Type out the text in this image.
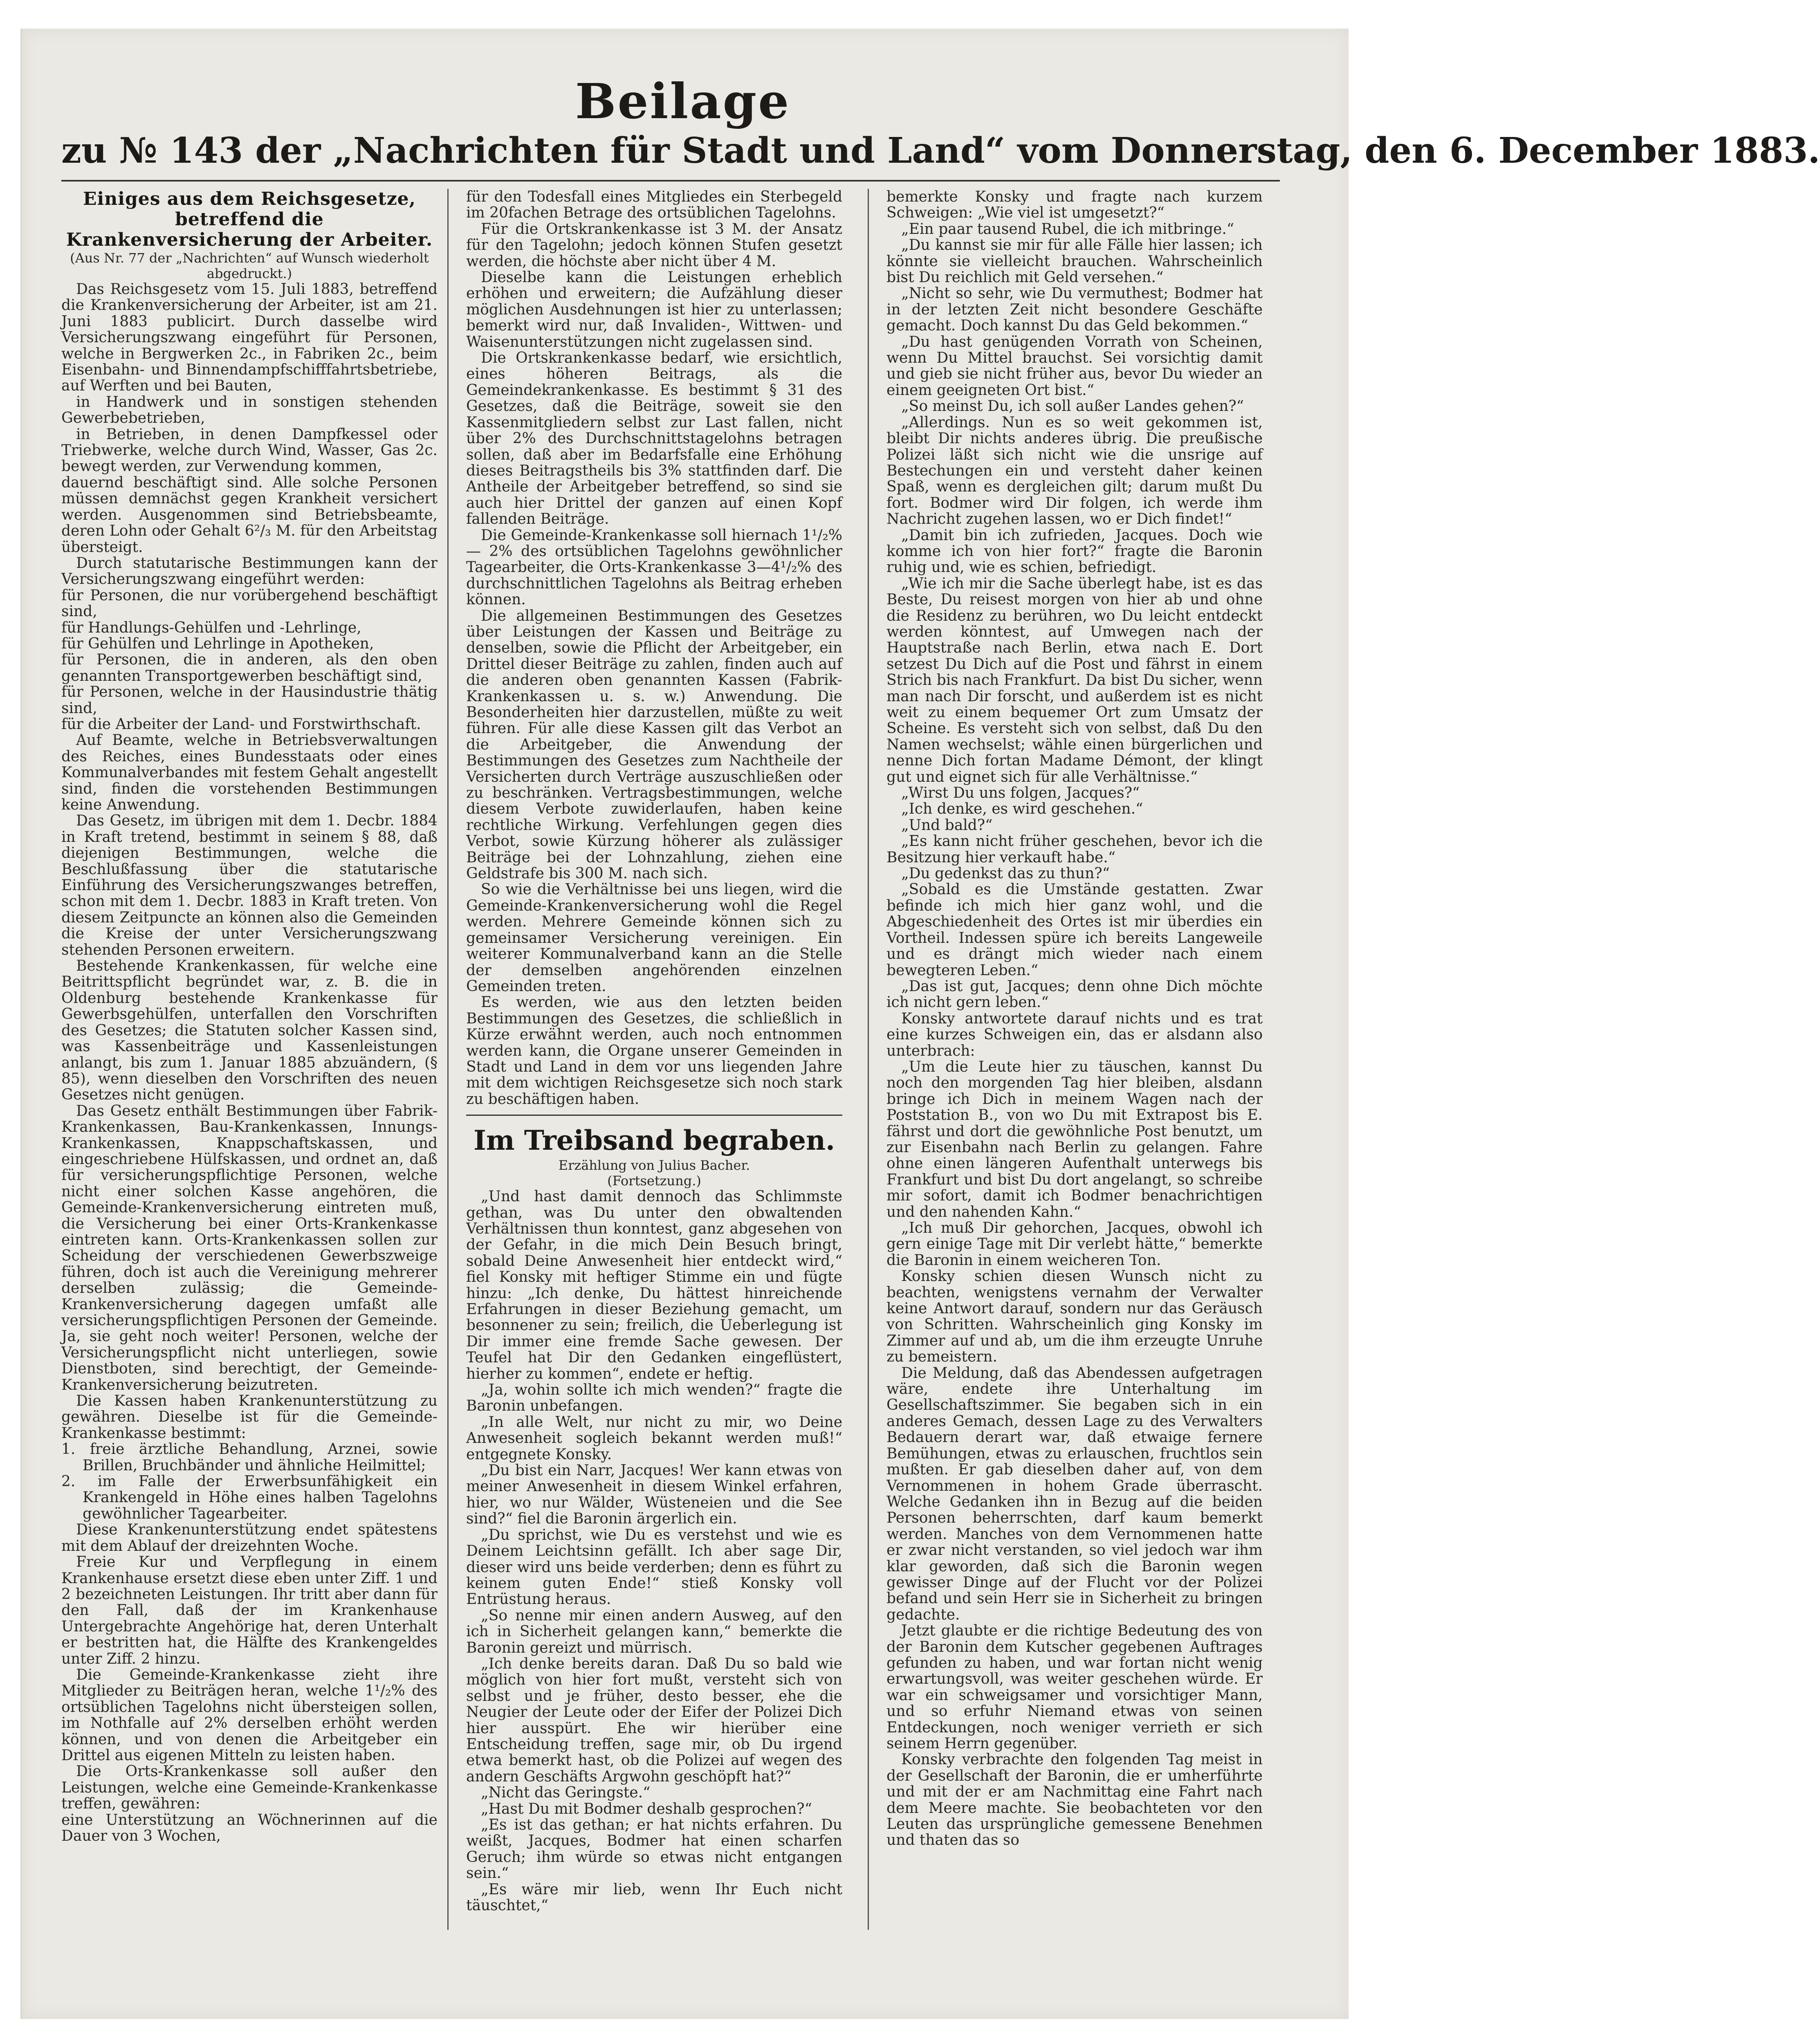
Beilage
zu № 143 der „Nachrichten für Stadt und Land“ vom Donnerstag, den 6. December 1883.

Einiges aus dem Reichsgesetze, betreffend die Krankenversicherung der Arbeiter.

(Aus Nr. 77 der „Nachrichten“ auf Wunsch wiederholt abgedruckt.)

Das Reichsgesetz vom 15. Juli 1883, betreffend die Krankenversicherung der Arbeiter, ist am 21. Juni 1883 publicirt. Durch dasselbe wird Versicherungszwang eingeführt für Personen, welche in Bergwerken 2c., in Fabriken 2c., beim Eisenbahn- und Binnendampfschifffahrtsbetriebe, auf Werften und bei Bauten,

in Handwerk und in sonstigen stehenden Gewerbebetrieben,

in Betrieben, in denen Dampfkessel oder Triebwerke, welche durch Wind, Wasser, Gas 2c. bewegt werden, zur Verwendung kommen,

dauernd beschäftigt sind. Alle solche Personen müssen demnächst gegen Krankheit versichert werden. Ausgenommen sind Betriebsbeamte, deren Lohn oder Gehalt 6²/₃ M. für den Arbeitstag übersteigt.

Durch statutarische Bestimmungen kann der Versicherungszwang eingeführt werden:

für Personen, die nur vorübergehend beschäftigt sind,

für Handlungs-Gehülfen und -Lehrlinge,

für Gehülfen und Lehrlinge in Apotheken,

für Personen, die in anderen, als den oben genannten Transportgewerben beschäftigt sind,

für Personen, welche in der Hausindustrie thätig sind,

für die Arbeiter der Land- und Forstwirthschaft.

Auf Beamte, welche in Betriebsverwaltungen des Reiches, eines Bundesstaats oder eines Kommunalverbandes mit festem Gehalt angestellt sind, finden die vorstehenden Bestimmungen keine Anwendung.

Das Gesetz, im übrigen mit dem 1. Decbr. 1884 in Kraft tretend, bestimmt in seinem § 88, daß diejenigen Bestimmungen, welche die Beschlußfassung über die statutarische Einführung des Versicherungszwanges betreffen, schon mit dem 1. Decbr. 1883 in Kraft treten. Von diesem Zeitpuncte an können also die Gemeinden die Kreise der unter Versicherungszwang stehenden Personen erweitern.

Bestehende Krankenkassen, für welche eine Beitrittspflicht begründet war, z. B. die in Oldenburg bestehende Krankenkasse für Gewerbsgehülfen, unterfallen den Vorschriften des Gesetzes; die Statuten solcher Kassen sind, was Kassenbeiträge und Kassenleistungen anlangt, bis zum 1. Januar 1885 abzuändern, (§ 85), wenn dieselben den Vorschriften des neuen Gesetzes nicht genügen.

Das Gesetz enthält Bestimmungen über Fabrik-Krankenkassen, Bau-Krankenkassen, Innungs-Krankenkassen, Knappschaftskassen, und eingeschriebene Hülfskassen, und ordnet an, daß für versicherungspflichtige Personen, welche nicht einer solchen Kasse angehören, die Gemeinde-Krankenversicherung eintreten muß, die Versicherung bei einer Orts-Krankenkasse eintreten kann. Orts-Krankenkassen sollen zur Scheidung der verschiedenen Gewerbszweige führen, doch ist auch die Vereinigung mehrerer derselben zulässig; die Gemeinde-Krankenversicherung dagegen umfaßt alle versicherungspflichtigen Personen der Gemeinde. Ja, sie geht noch weiter! Personen, welche der Versicherungspflicht nicht unterliegen, sowie Dienstboten, sind berechtigt, der Gemeinde-Krankenversicherung beizutreten.

Die Kassen haben Krankenunterstützung zu gewähren. Dieselbe ist für die Gemeinde-Krankenkasse bestimmt:

1. freie ärztliche Behandlung, Arznei, sowie Brillen, Bruchbänder und ähnliche Heilmittel;

2. im Falle der Erwerbsunfähigkeit ein Krankengeld in Höhe eines halben Tagelohns gewöhnlicher Tagearbeiter.

Diese Krankenunterstützung endet spätestens mit dem Ablauf der dreizehnten Woche.

Freie Kur und Verpflegung in einem Krankenhause ersetzt diese eben unter Ziff. 1 und 2 bezeichneten Leistungen. Ihr tritt aber dann für den Fall, daß der im Krankenhause Untergebrachte Angehörige hat, deren Unterhalt er bestritten hat, die Hälfte des Krankengeldes unter Ziff. 2 hinzu.

Die Gemeinde-Krankenkasse zieht ihre Mitglieder zu Beiträgen heran, welche 1¹/₂% des ortsüblichen Tagelohns nicht übersteigen sollen, im Nothfalle auf 2% derselben erhöht werden können, und von denen die Arbeitgeber ein Drittel aus eigenen Mitteln zu leisten haben.

Die Orts-Krankenkasse soll außer den Leistungen, welche eine Gemeinde-Krankenkasse treffen, gewähren:

eine Unterstützung an Wöchnerinnen auf die Dauer von 3 Wochen,

für den Todesfall eines Mitgliedes ein Sterbegeld im 20fachen Betrage des ortsüblichen Tagelohns.

Für die Ortskrankenkasse ist 3 M. der Ansatz für den Tagelohn; jedoch können Stufen gesetzt werden, die höchste aber nicht über 4 M.

Dieselbe kann die Leistungen erheblich erhöhen und erweitern; die Aufzählung dieser möglichen Ausdehnungen ist hier zu unterlassen; bemerkt wird nur, daß Invaliden-, Wittwen- und Waisenunterstützungen nicht zugelassen sind.

Die Ortskrankenkasse bedarf, wie ersichtlich, eines höheren Beitrags, als die Gemeindekrankenkasse. Es bestimmt § 31 des Gesetzes, daß die Beiträge, soweit sie den Kassenmitgliedern selbst zur Last fallen, nicht über 2% des Durchschnittstagelohns betragen sollen, daß aber im Bedarfsfalle eine Erhöhung dieses Beitragstheils bis 3% stattfinden darf. Die Antheile der Arbeitgeber betreffend, so sind sie auch hier Drittel der ganzen auf einen Kopf fallenden Beiträge.

Die Gemeinde-Krankenkasse soll hiernach 1¹/₂% — 2% des ortsüblichen Tagelohns gewöhnlicher Tagearbeiter, die Orts-Krankenkasse 3—4¹/₂% des durchschnittlichen Tagelohns als Beitrag erheben können.

Die allgemeinen Bestimmungen des Gesetzes über Leistungen der Kassen und Beiträge zu denselben, sowie die Pflicht der Arbeitgeber, ein Drittel dieser Beiträge zu zahlen, finden auch auf die anderen oben genannten Kassen (Fabrik-Krankenkassen u. s. w.) Anwendung. Die Besonderheiten hier darzustellen, müßte zu weit führen. Für alle diese Kassen gilt das Verbot an die Arbeitgeber, die Anwendung der Bestimmungen des Gesetzes zum Nachtheile der Versicherten durch Verträge auszuschließen oder zu beschränken. Vertragsbestimmungen, welche diesem Verbote zuwiderlaufen, haben keine rechtliche Wirkung. Verfehlungen gegen dies Verbot, sowie Kürzung höherer als zulässiger Beiträge bei der Lohnzahlung, ziehen eine Geldstrafe bis 300 M. nach sich.

So wie die Verhältnisse bei uns liegen, wird die Gemeinde-Krankenversicherung wohl die Regel werden. Mehrere Gemeinde können sich zu gemeinsamer Versicherung vereinigen. Ein weiterer Kommunalverband kann an die Stelle der demselben angehörenden einzelnen Gemeinden treten.

Es werden, wie aus den letzten beiden Bestimmungen des Gesetzes, die schließlich in Kürze erwähnt werden, auch noch entnommen werden kann, die Organe unserer Gemeinden in Stadt und Land in dem vor uns liegenden Jahre mit dem wichtigen Reichsgesetze sich noch stark zu beschäftigen haben.

Im Treibsand begraben.

Erzählung von Julius Bacher.

(Fortsetzung.)

„Und hast damit dennoch das Schlimmste gethan, was Du unter den obwaltenden Verhältnissen thun konntest, ganz abgesehen von der Gefahr, in die mich Dein Besuch bringt, sobald Deine Anwesenheit hier entdeckt wird,“ fiel Konsky mit heftiger Stimme ein und fügte hinzu: „Ich denke, Du hättest hinreichende Erfahrungen in dieser Beziehung gemacht, um besonnener zu sein; freilich, die Ueberlegung ist Dir immer eine fremde Sache gewesen. Der Teufel hat Dir den Gedanken eingeflüstert, hierher zu kommen“, endete er heftig.

„Ja, wohin sollte ich mich wenden?“ fragte die Baronin unbefangen.

„In alle Welt, nur nicht zu mir, wo Deine Anwesenheit sogleich bekannt werden muß!“ entgegnete Konsky.

„Du bist ein Narr, Jacques! Wer kann etwas von meiner Anwesenheit in diesem Winkel erfahren, hier, wo nur Wälder, Wüsteneien und die See sind?“ fiel die Baronin ärgerlich ein.

„Du sprichst, wie Du es verstehst und wie es Deinem Leichtsinn gefällt. Ich aber sage Dir, dieser wird uns beide verderben; denn es führt zu keinem guten Ende!“ stieß Konsky voll Entrüstung heraus.

„So nenne mir einen andern Ausweg, auf den ich in Sicherheit gelangen kann,“ bemerkte die Baronin gereizt und mürrisch.

„Ich denke bereits daran. Daß Du so bald wie möglich von hier fort mußt, versteht sich von selbst und je früher, desto besser, ehe die Neugier der Leute oder der Eifer der Polizei Dich hier ausspürt. Ehe wir hierüber eine Entscheidung treffen, sage mir, ob Du irgend etwa bemerkt hast, ob die Polizei auf wegen des andern Geschäfts Argwohn geschöpft hat?“

„Nicht das Geringste.“

„Hast Du mit Bodmer deshalb gesprochen?“

„Es ist das gethan; er hat nichts erfahren. Du weißt, Jacques, Bodmer hat einen scharfen Geruch; ihm würde so etwas nicht entgangen sein.“

„Es wäre mir lieb, wenn Ihr Euch nicht täuschtet,“

bemerkte Konsky und fragte nach kurzem Schweigen: „Wie viel ist umgesetzt?“

„Ein paar tausend Rubel, die ich mitbringe.“

„Du kannst sie mir für alle Fälle hier lassen; ich könnte sie vielleicht brauchen. Wahrscheinlich bist Du reichlich mit Geld versehen.“

„Nicht so sehr, wie Du vermuthest; Bodmer hat in der letzten Zeit nicht besondere Geschäfte gemacht. Doch kannst Du das Geld bekommen.“

„Du hast genügenden Vorrath von Scheinen, wenn Du Mittel brauchst. Sei vorsichtig damit und gieb sie nicht früher aus, bevor Du wieder an einem geeigneten Ort bist.“

„So meinst Du, ich soll außer Landes gehen?“

„Allerdings. Nun es so weit gekommen ist, bleibt Dir nichts anderes übrig. Die preußische Polizei läßt sich nicht wie die unsrige auf Bestechungen ein und versteht daher keinen Spaß, wenn es dergleichen gilt; darum mußt Du fort. Bodmer wird Dir folgen, ich werde ihm Nachricht zugehen lassen, wo er Dich findet!“

„Damit bin ich zufrieden, Jacques. Doch wie komme ich von hier fort?“ fragte die Baronin ruhig und, wie es schien, befriedigt.

„Wie ich mir die Sache überlegt habe, ist es das Beste, Du reisest morgen von hier ab und ohne die Residenz zu berühren, wo Du leicht entdeckt werden könntest, auf Umwegen nach der Hauptstraße nach Berlin, etwa nach E. Dort setzest Du Dich auf die Post und fährst in einem Strich bis nach Frankfurt. Da bist Du sicher, wenn man nach Dir forscht, und außerdem ist es nicht weit zu einem bequemer Ort zum Umsatz der Scheine. Es versteht sich von selbst, daß Du den Namen wechselst; wähle einen bürgerlichen und nenne Dich fortan Madame Démont, der klingt gut und eignet sich für alle Verhältnisse.“

„Wirst Du uns folgen, Jacques?“

„Ich denke, es wird geschehen.“

„Und bald?“

„Es kann nicht früher geschehen, bevor ich die Besitzung hier verkauft habe.“

„Du gedenkst das zu thun?“

„Sobald es die Umstände gestatten. Zwar befinde ich mich hier ganz wohl, und die Abgeschiedenheit des Ortes ist mir überdies ein Vortheil. Indessen spüre ich bereits Langeweile und es drängt mich wieder nach einem bewegteren Leben.“

„Das ist gut, Jacques; denn ohne Dich möchte ich nicht gern leben.“

Konsky antwortete darauf nichts und es trat eine kurzes Schweigen ein, das er alsdann also unterbrach:

„Um die Leute hier zu täuschen, kannst Du noch den morgenden Tag hier bleiben, alsdann bringe ich Dich in meinem Wagen nach der Poststation B., von wo Du mit Extrapost bis E. fährst und dort die gewöhnliche Post benutzt, um zur Eisenbahn nach Berlin zu gelangen. Fahre ohne einen längeren Aufenthalt unterwegs bis Frankfurt und bist Du dort angelangt, so schreibe mir sofort, damit ich Bodmer benachrichtigen und den nahenden Kahn.“

„Ich muß Dir gehorchen, Jacques, obwohl ich gern einige Tage mit Dir verlebt hätte,“ bemerkte die Baronin in einem weicheren Ton.

Konsky schien diesen Wunsch nicht zu beachten, wenigstens vernahm der Verwalter keine Antwort darauf, sondern nur das Geräusch von Schritten. Wahrscheinlich ging Konsky im Zimmer auf und ab, um die ihm erzeugte Unruhe zu bemeistern.

Die Meldung, daß das Abendessen aufgetragen wäre, endete ihre Unterhaltung im Gesellschaftszimmer. Sie begaben sich in ein anderes Gemach, dessen Lage zu des Verwalters Bedauern derart war, daß etwaige fernere Bemühungen, etwas zu erlauschen, fruchtlos sein mußten. Er gab dieselben daher auf, von dem Vernommenen in hohem Grade überrascht. Welche Gedanken ihn in Bezug auf die beiden Personen beherrschten, darf kaum bemerkt werden. Manches von dem Vernommenen hatte er zwar nicht verstanden, so viel jedoch war ihm klar geworden, daß sich die Baronin wegen gewisser Dinge auf der Flucht vor der Polizei befand und sein Herr sie in Sicherheit zu bringen gedachte.

Jetzt glaubte er die richtige Bedeutung des von der Baronin dem Kutscher gegebenen Auftrages gefunden zu haben, und war fortan nicht wenig erwartungsvoll, was weiter geschehen würde. Er war ein schweigsamer und vorsichtiger Mann, und so erfuhr Niemand etwas von seinen Entdeckungen, noch weniger verrieth er sich seinem Herrn gegenüber.

Konsky verbrachte den folgenden Tag meist in der Gesellschaft der Baronin, die er umherführte und mit der er am Nachmittag eine Fahrt nach dem Meere machte. Sie beobachteten vor den Leuten das ursprüngliche gemessene Benehmen und thaten das so
